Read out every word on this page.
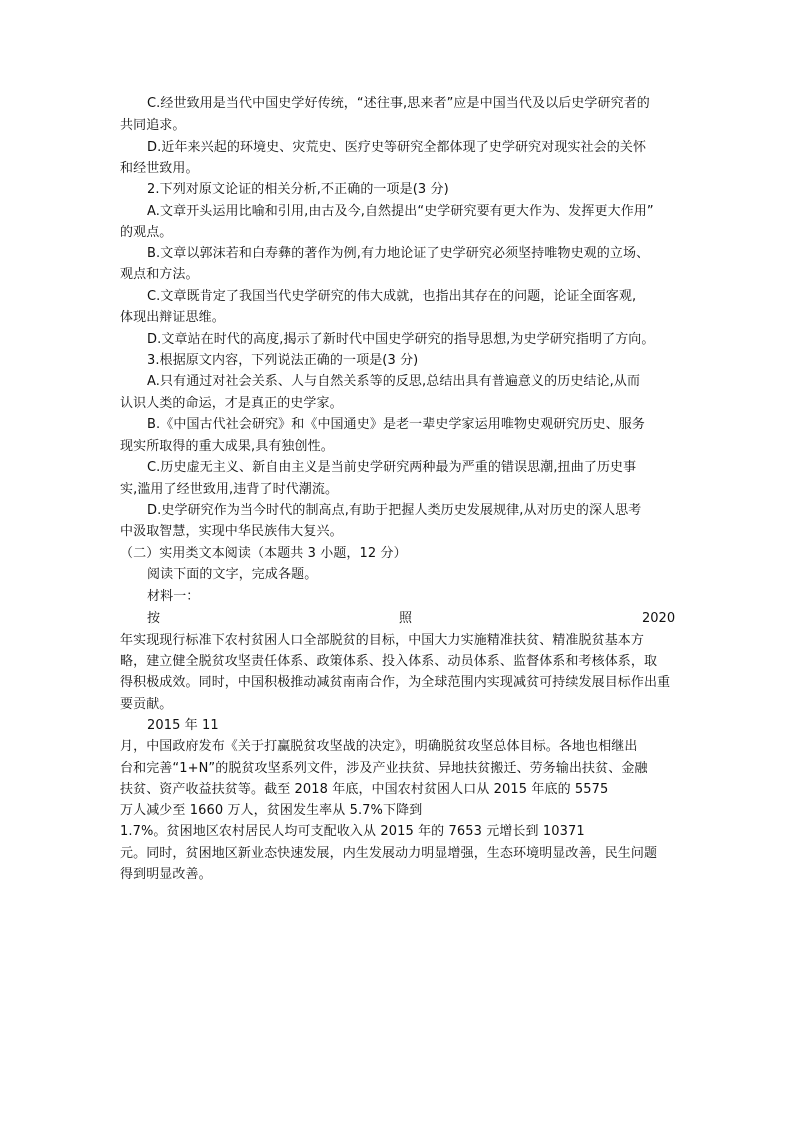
C.经世致用是当代中国史学好传统，“述往事,思来者”应是中国当代及以后史学研究者的
共同追求。
D.近年来兴起的环境史、灾荒史、医疗史等研究全都体现了史学研究对现实社会的关怀
和经世致用。
2.下列对原文论证的相关分析,不正确的一项是(3 分)
A.文章开头运用比喻和引用,由古及今,自然提出“史学研究要有更大作为、发挥更大作用”
的观点。
B.文章以郭沫若和白寿彝的著作为例,有力地论证了史学研究必须坚持唯物史观的立场、
观点和方法。
C.文章既肯定了我国当代史学研究的伟大成就，也指出其存在的问题，论证全面客观,
体现出辩证思维。
D.文章站在时代的高度,揭示了新时代中国史学研究的指导思想,为史学研究指明了方向。
3.根据原文内容，下列说法正确的一项是(3 分)
A.只有通过对社会关系、人与自然关系等的反思,总结出具有普遍意义的历史结论,从而
认识人类的命运，才是真正的史学家。
B.《中国古代社会研究》和《中国通史》是老一辈史学家运用唯物史观研究历史、服务
现实所取得的重大成果,具有独创性。
C.历史虚无主义、新自由主义是当前史学研究两种最为严重的错误思潮,扭曲了历史事
实,滥用了经世致用,违背了时代潮流。
D.史学研究作为当今时代的制高点,有助于把握人类历史发展规律,从对历史的深人思考
中汲取智慧，实现中华民族伟大复兴。
（二）实用类文本阅读（本题共 3 小题，12 分）
阅读下面的文字，完成各题。
材料一：
按	照	2020
年实现现行标准下农村贫困人口全部脱贫的目标，中国大力实施精准扶贫、精准脱贫基本方
略，建立健全脱贫攻坚责任体系、政策体系、投入体系、动员体系、监督体系和考核体系，取
得积极成效。同时，中国积极推动减贫南南合作，为全球范围内实现减贫可持续发展目标作出重
要贡献。
2015 年 11
月，中国政府发布《关于打赢脱贫攻坚战的决定》，明确脱贫攻坚总体目标。各地也相继出
台和完善“1+N”的脱贫攻坚系列文件，涉及产业扶贫、异地扶贫搬迁、劳务输出扶贫、金融
扶贫、资产收益扶贫等。截至 2018 年底，中国农村贫困人口从 2015 年底的 5575
万人减少至 1660 万人，贫困发生率从 5.7%下降到
1.7%。贫困地区农村居民人均可支配收入从 2015 年的 7653 元增长到 10371
元。同时，贫困地区新业态快速发展，内生发展动力明显增强，生态环境明显改善，民生问题
得到明显改善。
